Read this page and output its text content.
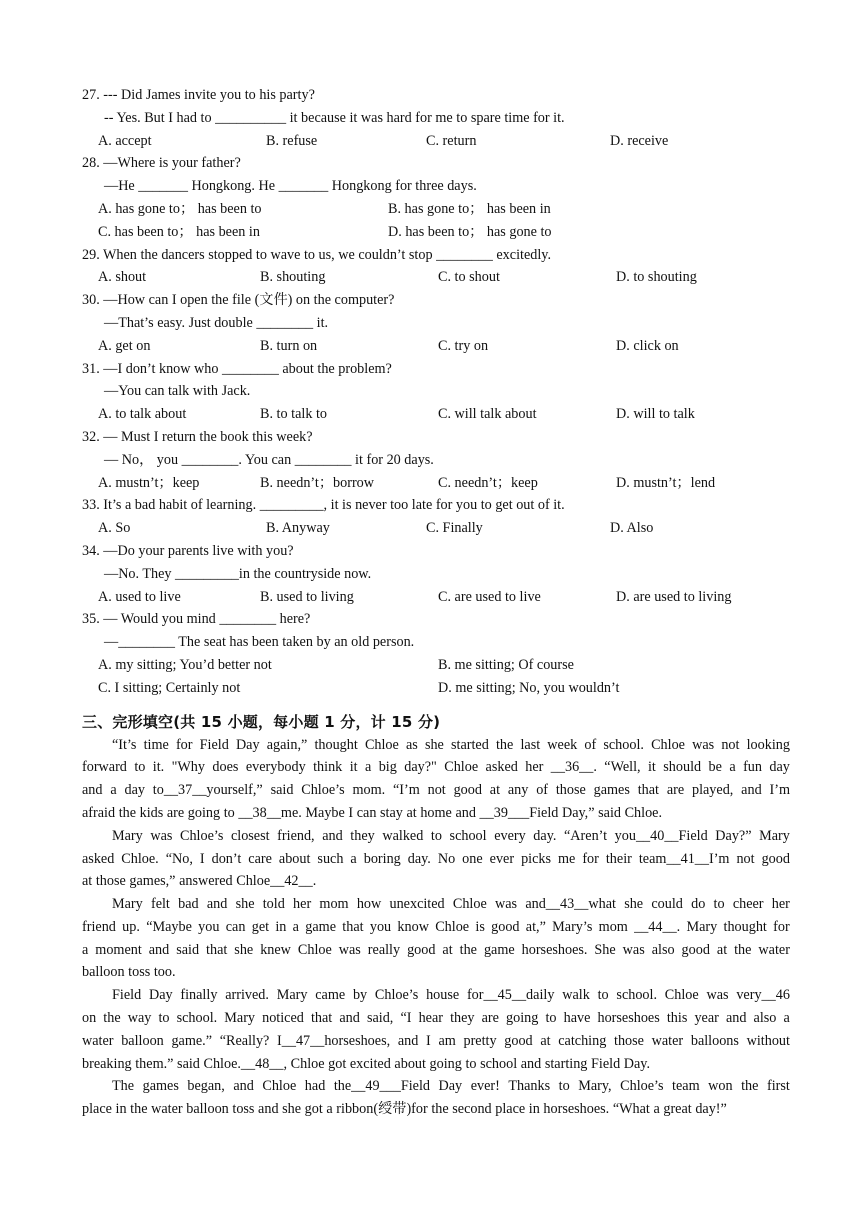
27. --- Did James invite you to his party?
-- Yes. But I had to __________ it because it was hard for me to spare time for it.
A. accept	B. refuse	C. return	D. receive
28. —Where is your father?
—He _______ Hongkong. He _______ Hongkong for three days.
A. has gone to； has been to	B. has gone to； has been in
C. has been to； has been in	D. has been to； has gone to
29. When the dancers stopped to wave to us, we couldn’t stop ________ excitedly.
A. shout	B. shouting	C. to shout	D. to shouting
30. —How can I open the file (文件) on the computer?
—That’s easy. Just double ________ it.
A. get on	B. turn on	C. try on	D. click on
31. —I don’t know who ________ about the problem?
—You can talk with Jack.
A. to talk about	B. to talk to	C. will talk about	D. will to talk
32. — Must I return the book this week?
— No， you ________. You can ________ it for 20 days.
A. mustn’t；keep	B. needn’t；borrow	C. needn’t；keep	D. mustn’t；lend
33. It’s a bad habit of learning. _________, it is never too late for you to get out of it.
A. So	B. Anyway	C. Finally	D. Also
34. —Do your parents live with you?
—No. They _________in the countryside now.
A. used to live	B. used to living	C. are used to live	D. are used to living
35. — Would you mind ________ here?
—________ The seat has been taken by an old person.
A. my sitting; You’d better not	B. me sitting; Of course
C. I sitting; Certainly not	D. me sitting; No, you wouldn’t
三、完形填空(共 15 小题，每小题 1 分，计 15 分)
“It’s time for Field Day again,” thought Chloe as she started the last week of school. Chloe was not looking
forward to it. "Why does everybody think it a big day?" Chloe asked her __36__. “Well, it should be a fun day
and a day to__37__yourself,” said Chloe’s mom. “I’m not good at any of those games that are played, and I’m
afraid the kids are going to __38__me. Maybe I can stay at home and __39___Field Day,” said Chloe.
Mary was Chloe’s closest friend, and they walked to school every day. “Aren’t you__40__Field Day?” Mary
asked Chloe. “No, I don’t care about such a boring day. No one ever picks me for their team__41__I’m not good
at those games,” answered Chloe__42__.
Mary felt bad and she told her mom how unexcited Chloe was and__43__what she could do to cheer her
friend up. “Maybe you can get in a game that you know Chloe is good at,” Mary’s mom __44__. Mary thought for
a moment and said that she knew Chloe was really good at the game horseshoes. She was also good at the water
balloon toss too.
Field Day finally arrived. Mary came by Chloe’s house for__45__daily walk to school. Chloe was very__46
on the way to school. Mary noticed that and said, “I hear they are going to have horseshoes this year and also a
water balloon game.” “Really? I__47__horseshoes, and I am pretty good at catching those water balloons without
breaking them.” said Chloe.__48__, Chloe got excited about going to school and starting Field Day.
The games began, and Chloe had the__49___Field Day ever! Thanks to Mary, Chloe’s team won the first
place in the water balloon toss and she got a ribbon(绶带)for the second place in horseshoes. “What a great day!”
